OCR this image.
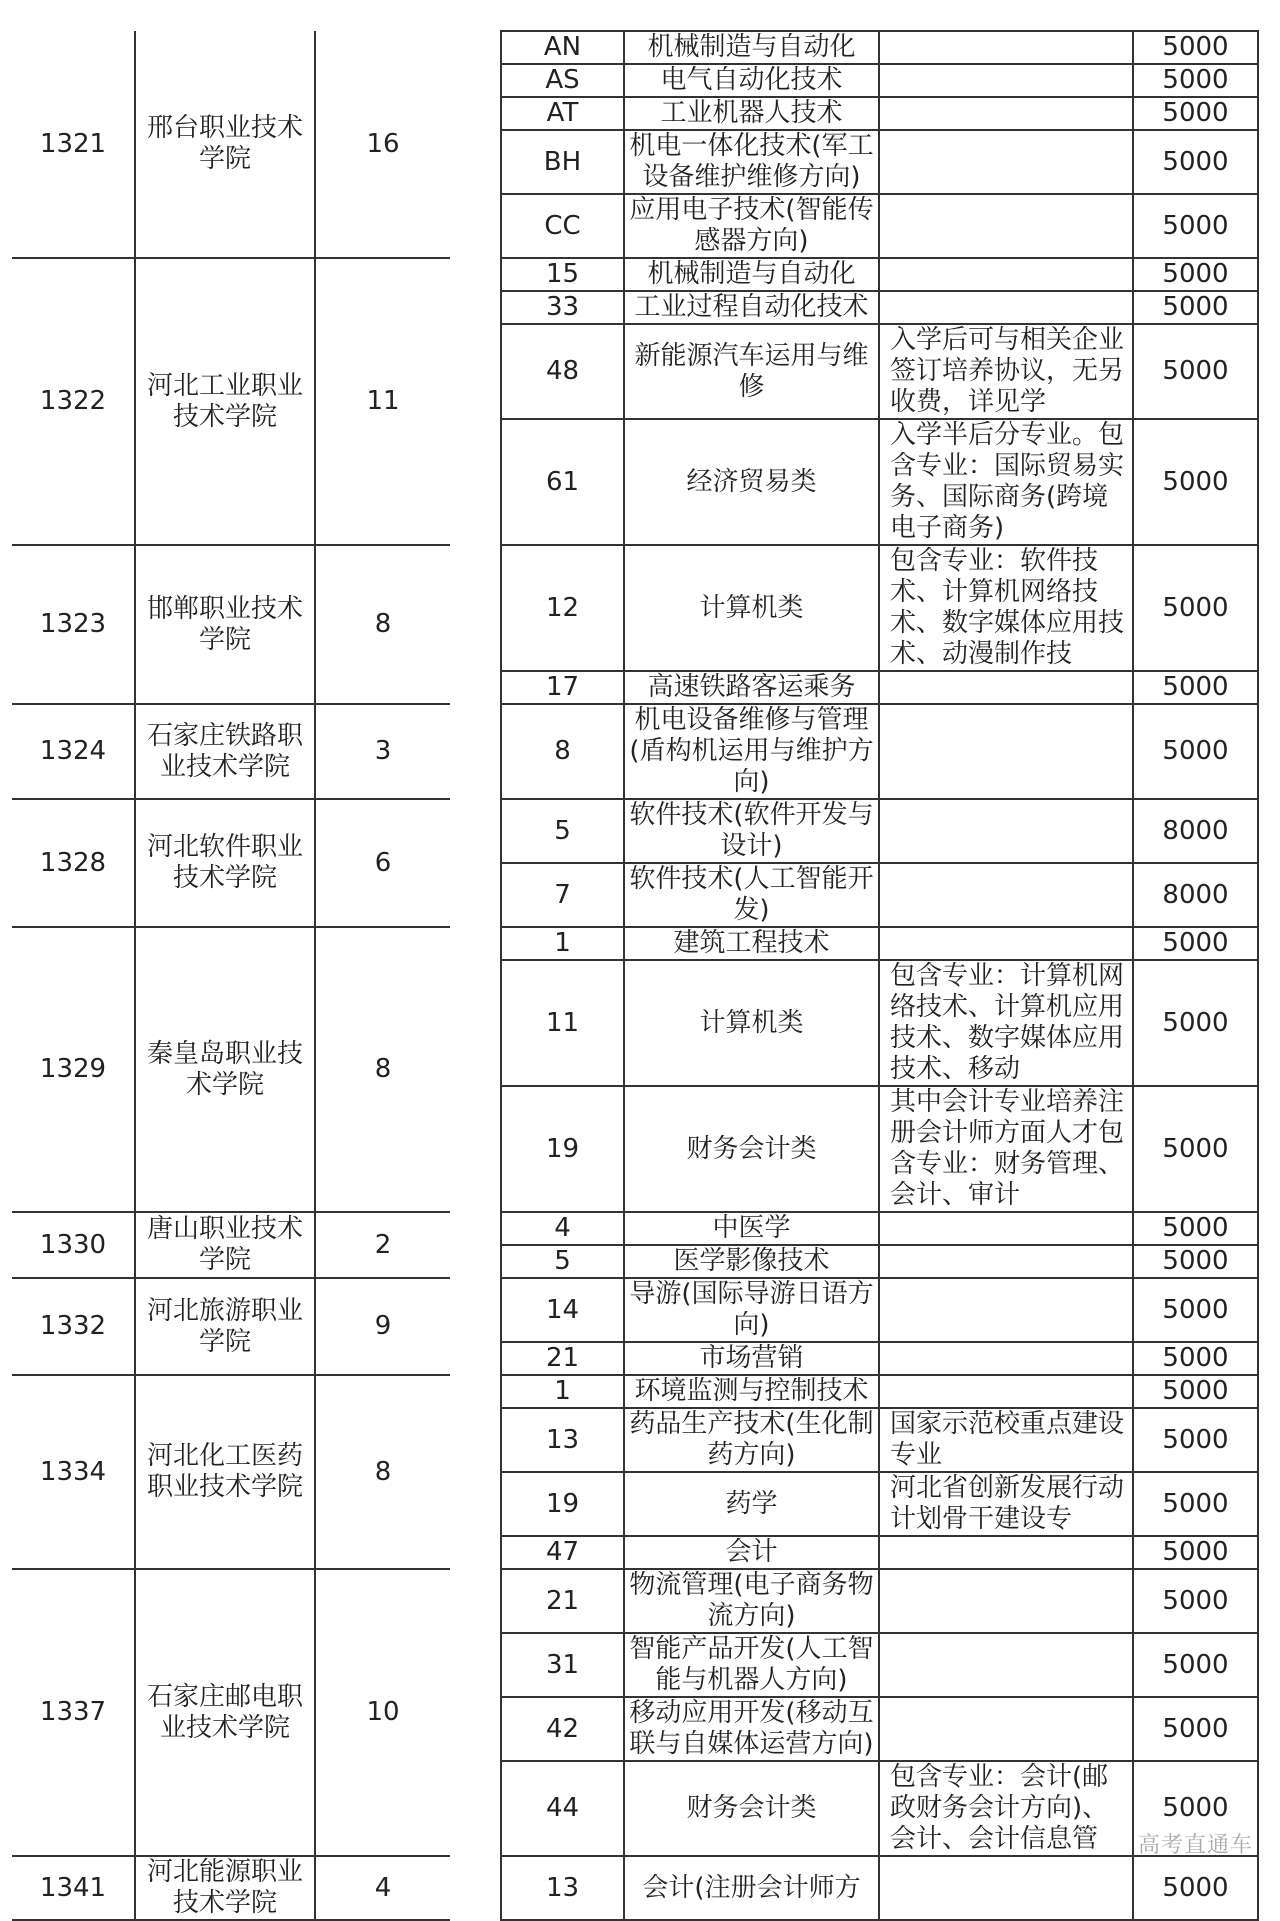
1321	邢台职业技术学院	16		AN	机械制造与自动化		5000
				AS	电气自动化技术		5000
				AT	工业机器人技术		5000
				BH	机电一体化技术(军工设备维护维修方向)		5000
				CC	应用电子技术(智能传感器方向)		5000
1322	河北工业职业技术学院	11		15	机械制造与自动化		5000
				33	工业过程自动化技术		5000
				48	新能源汽车运用与维修	入学后可与相关企业签订培养协议，无另收费，详见学	5000
				61	经济贸易类	入学半后分专业。包含专业：国际贸易实务、国际商务(跨境电子商务)	5000
1323	邯郸职业技术学院	8		12	计算机类	包含专业：软件技术、计算机网络技术、数字媒体应用技术、动漫制作技	5000
				17	高速铁路客运乘务		5000
1324	石家庄铁路职业技术学院	3		8	机电设备维修与管理(盾构机运用与维护方向)		5000
1328	河北软件职业技术学院	6		5	软件技术(软件开发与设计)		8000
				7	软件技术(人工智能开发)		8000
1329	秦皇岛职业技术学院	8		1	建筑工程技术		5000
				11	计算机类	包含专业：计算机网络技术、计算机应用技术、数字媒体应用技术、移动	5000
				19	财务会计类	其中会计专业培养注册会计师方面人才包含专业：财务管理、会计、审计	5000
1330	唐山职业技术学院	2		4	中医学		5000
				5	医学影像技术		5000
1332	河北旅游职业学院	9		14	导游(国际导游日语方向)		5000
				21	市场营销		5000
1334	河北化工医药职业技术学院	8		1	环境监测与控制技术		5000
				13	药品生产技术(生化制药方向)	国家示范校重点建设专业	5000
				19	药学	河北省创新发展行动计划骨干建设专	5000
				47	会计		5000
1337	石家庄邮电职业技术学院	10		21	物流管理(电子商务物流方向)		5000
				31	智能产品开发(人工智能与机器人方向)		5000
				42	移动应用开发(移动互联与自媒体运营方向)		5000
				44	财务会计类	包含专业：会计(邮政财务会计方向)、会计、会计信息管	5000
1341	河北能源职业技术学院	4		13	会计(注册会计师方		5000
高考直通车
